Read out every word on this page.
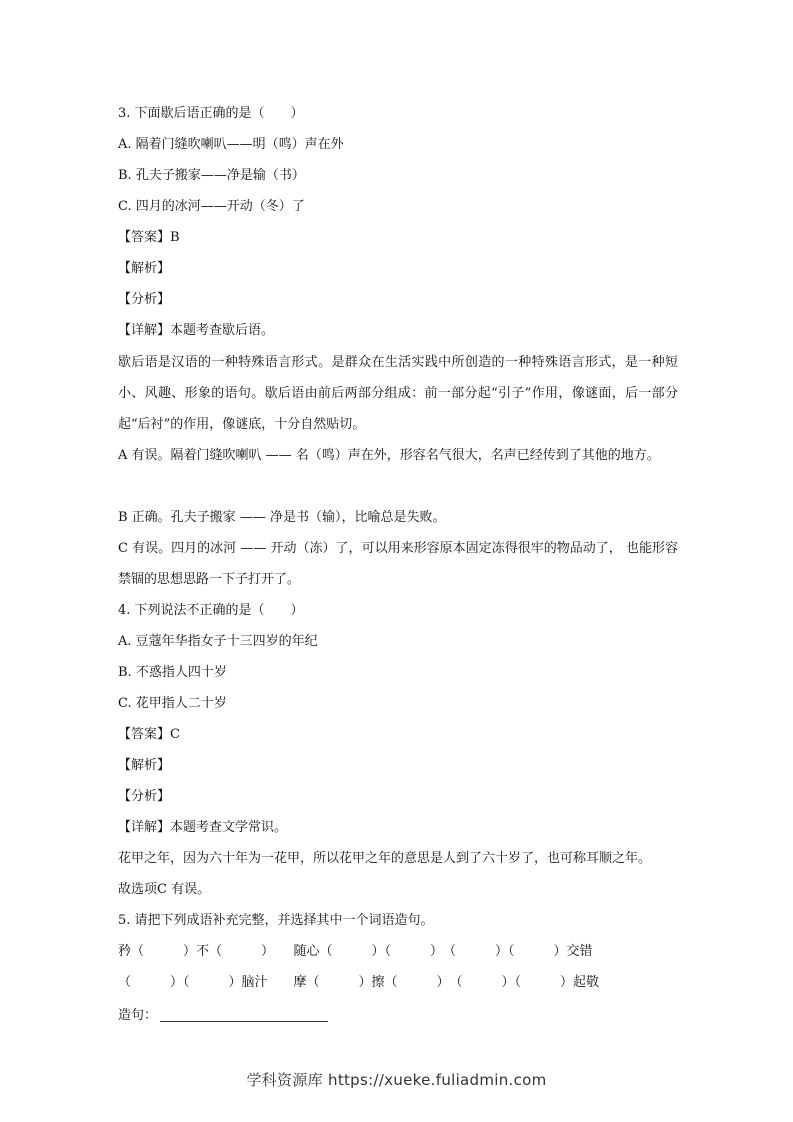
3. 下面歇后语正确的是（　　）
A. 隔着门缝吹喇叭——明（鸣）声在外
B. 孔夫子搬家——净是输（书）
C. 四月的冰河——开动（冬）了
【答案】B
【解析】
【分析】
【详解】本题考查歇后语。
歇后语是汉语的一种特殊语言形式。是群众在生活实践中所创造的一种特殊语言形式，是一种短小、风趣、形象的语句。歇后语由前后两部分组成：前一部分起“引子”作用，像谜面，后一部分起“后衬”的作用，像谜底，十分自然贴切。
A 有误。隔着门缝吹喇叭 —— 名（鸣）声在外，形容名气很大，名声已经传到了其他的地方。
B 正确。孔夫子搬家 —— 净是书（输），比喻总是失败。
C 有误。四月的冰河 —— 开动（冻）了，可以用来形容原本固定冻得很牢的物品动了， 也能形容禁锢的思想思路一下子打开了。
4. 下列说法不正确的是（　　）
A. 豆蔻年华指女子十三四岁的年纪
B. 不惑指人四十岁
C. 花甲指人二十岁
【答案】C
【解析】
【分析】
【详解】本题考查文学常识。
花甲之年，因为六十年为一花甲，所以花甲之年的意思是人到了六十岁了，也可称耳顺之年。
故选项C 有误。
5. 请把下列成语补充完整，并选择其中一个词语造句。
矜（　　　）不（　　　）　　随心（　　　）（　　　）　（　　　）（　　　）交错
（　　　）（　　　）脑汁　　摩（　　　）擦（　　　）　（　　　）（　　　）起敬
造句：
学科资源库 https://xueke.fuliadmin.com
